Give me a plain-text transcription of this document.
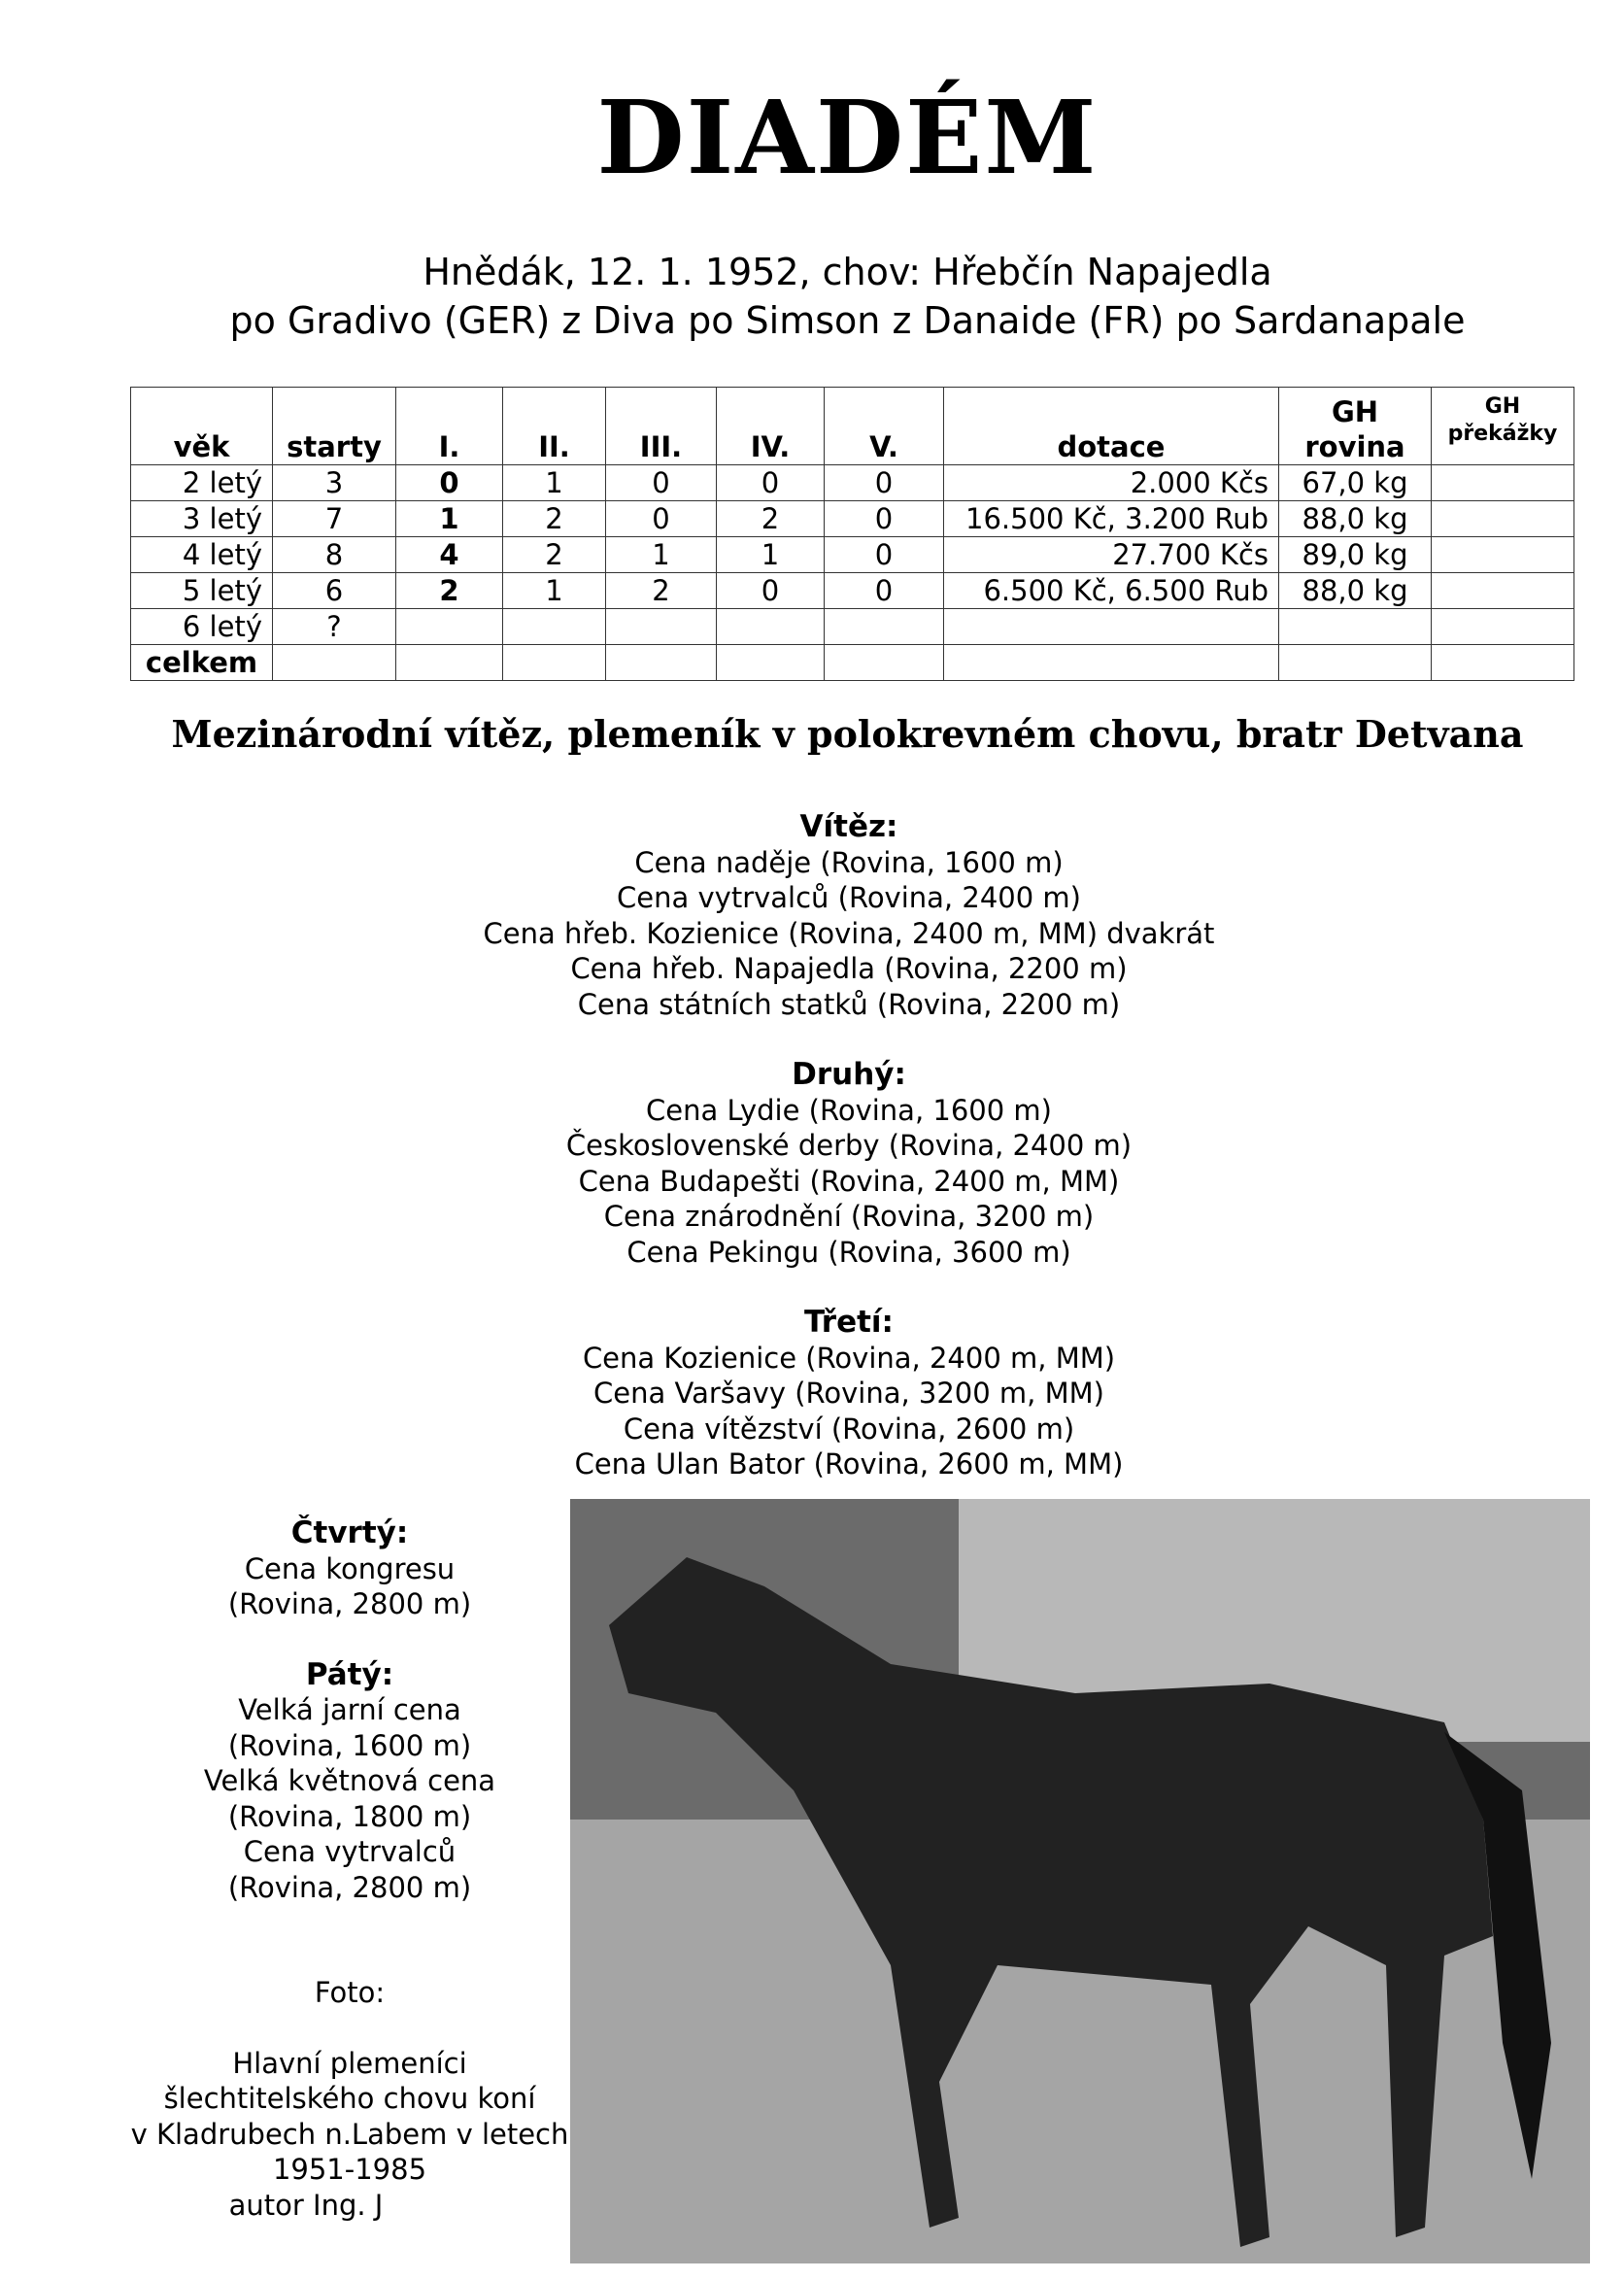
DIADÉM
Hnědák, 12. 1. 1952, chov: Hřebčín Napajedla
po Gradivo (GER) z Diva po Simson z Danaide (FR) po Sardanapale
věk	starty	I.	II.	III.	IV.	V.	dotace	GH rovina	GH překážky
2 letý	3	0	1	0	0	0	2.000 Kčs	67,0 kg	
3 letý	7	1	2	0	2	0	16.500 Kč, 3.200 Rub	88,0 kg	
4 letý	8	4	2	1	1	0	27.700 Kčs	89,0 kg	
5 letý	6	2	1	2	0	0	6.500 Kč, 6.500 Rub	88,0 kg	
6 letý	?								
celkem									
Mezinárodní vítěz, plemeník v polokrevném chovu, bratr Detvana
Vítěz:
Cena naděje (Rovina, 1600 m)
Cena vytrvalců (Rovina, 2400 m)
Cena hřeb. Kozienice (Rovina, 2400 m, MM) dvakrát
Cena hřeb. Napajedla (Rovina, 2200 m)
Cena státních statků (Rovina, 2200 m)
Druhý:
Cena Lydie (Rovina, 1600 m)
Československé derby (Rovina, 2400 m)
Cena Budapešti (Rovina, 2400 m, MM)
Cena znárodnění (Rovina, 3200 m)
Cena Pekingu (Rovina, 3600 m)
Třetí:
Cena Kozienice (Rovina, 2400 m, MM)
Cena Varšavy (Rovina, 3200 m, MM)
Cena vítězství (Rovina, 2600 m)
Cena Ulan Bator (Rovina, 2600 m, MM)
Čtvrtý:
Cena kongresu
(Rovina, 2800 m)
Pátý:
Velká jarní cena
(Rovina, 1600 m)
Velká květnová cena
(Rovina, 1800 m)
Cena vytrvalců
(Rovina, 2800 m)
Foto:
Hlavní plemeníci
šlechtitelského chovu koní
v Kladrubech n.Labem v letech
1951-1985
autor Ing. J
